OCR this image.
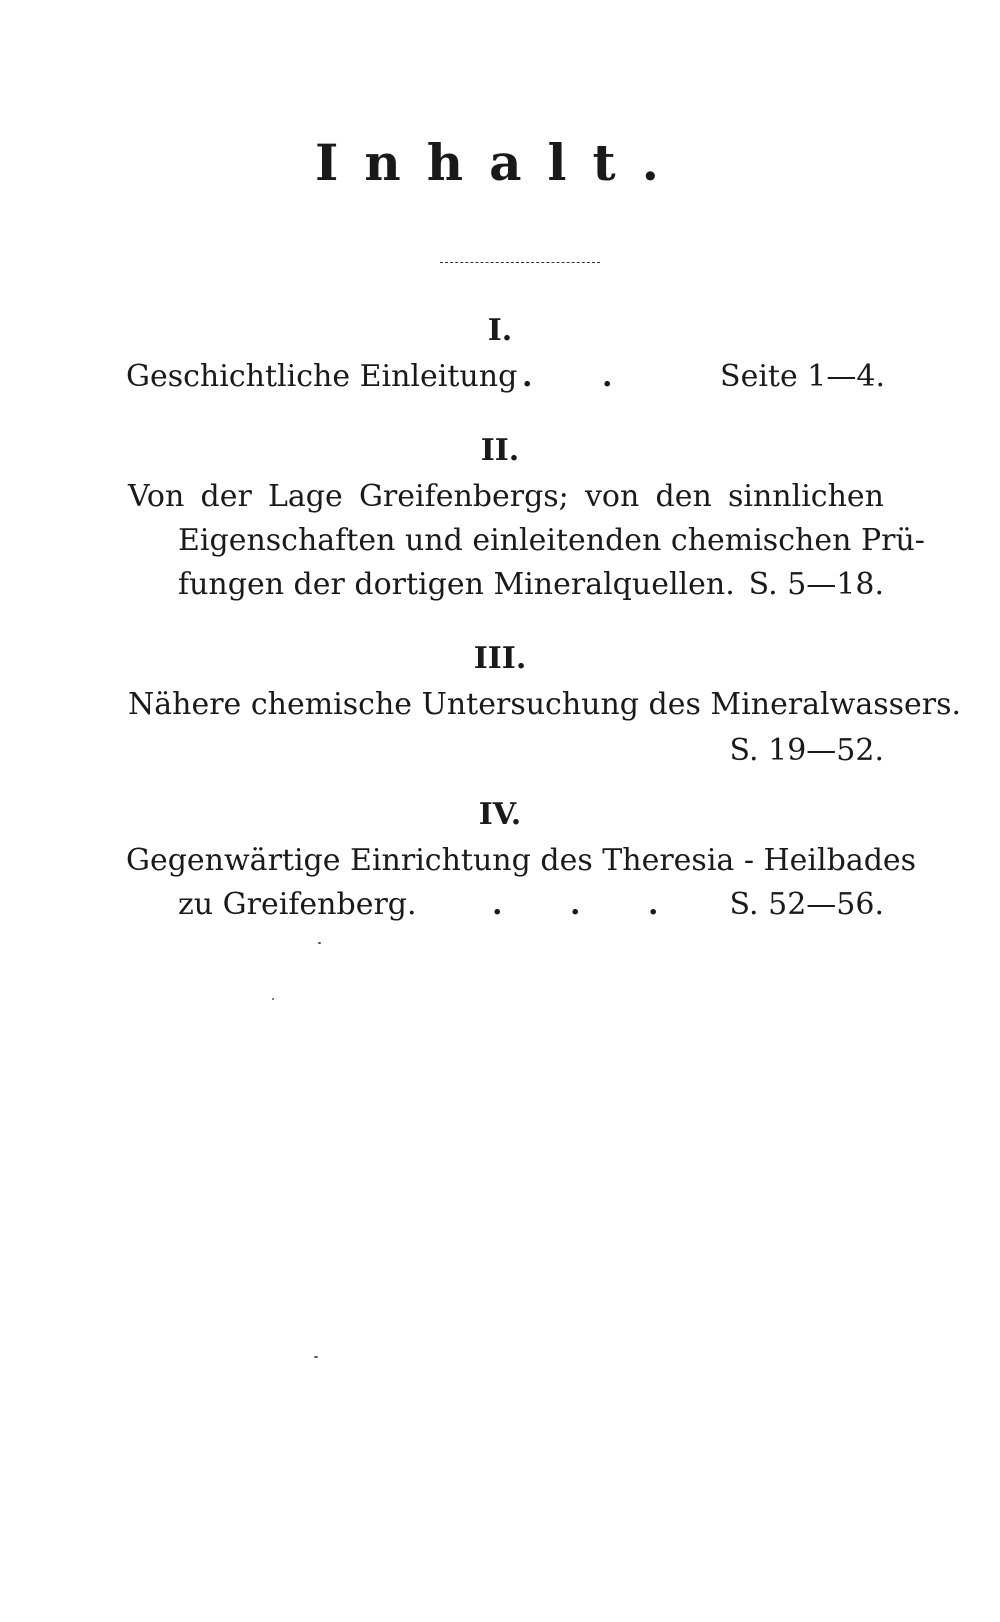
Inhalt.
I.
Geschichtliche Einleitung . .	Seite 1—4.
II.
Von der Lage Greifenbergs; von den sinnlichen
Eigenschaften und einleitenden chemischen Prü-
fungen der dortigen Mineralquellen. S. 5—18.
III.
Nähere chemische Untersuchung des Mineralwassers.
S. 19—52.
IV.
Gegenwärtige Einrichtung des Theresia - Heilbades
zu Greifenberg.	. . .	S. 52—56.
